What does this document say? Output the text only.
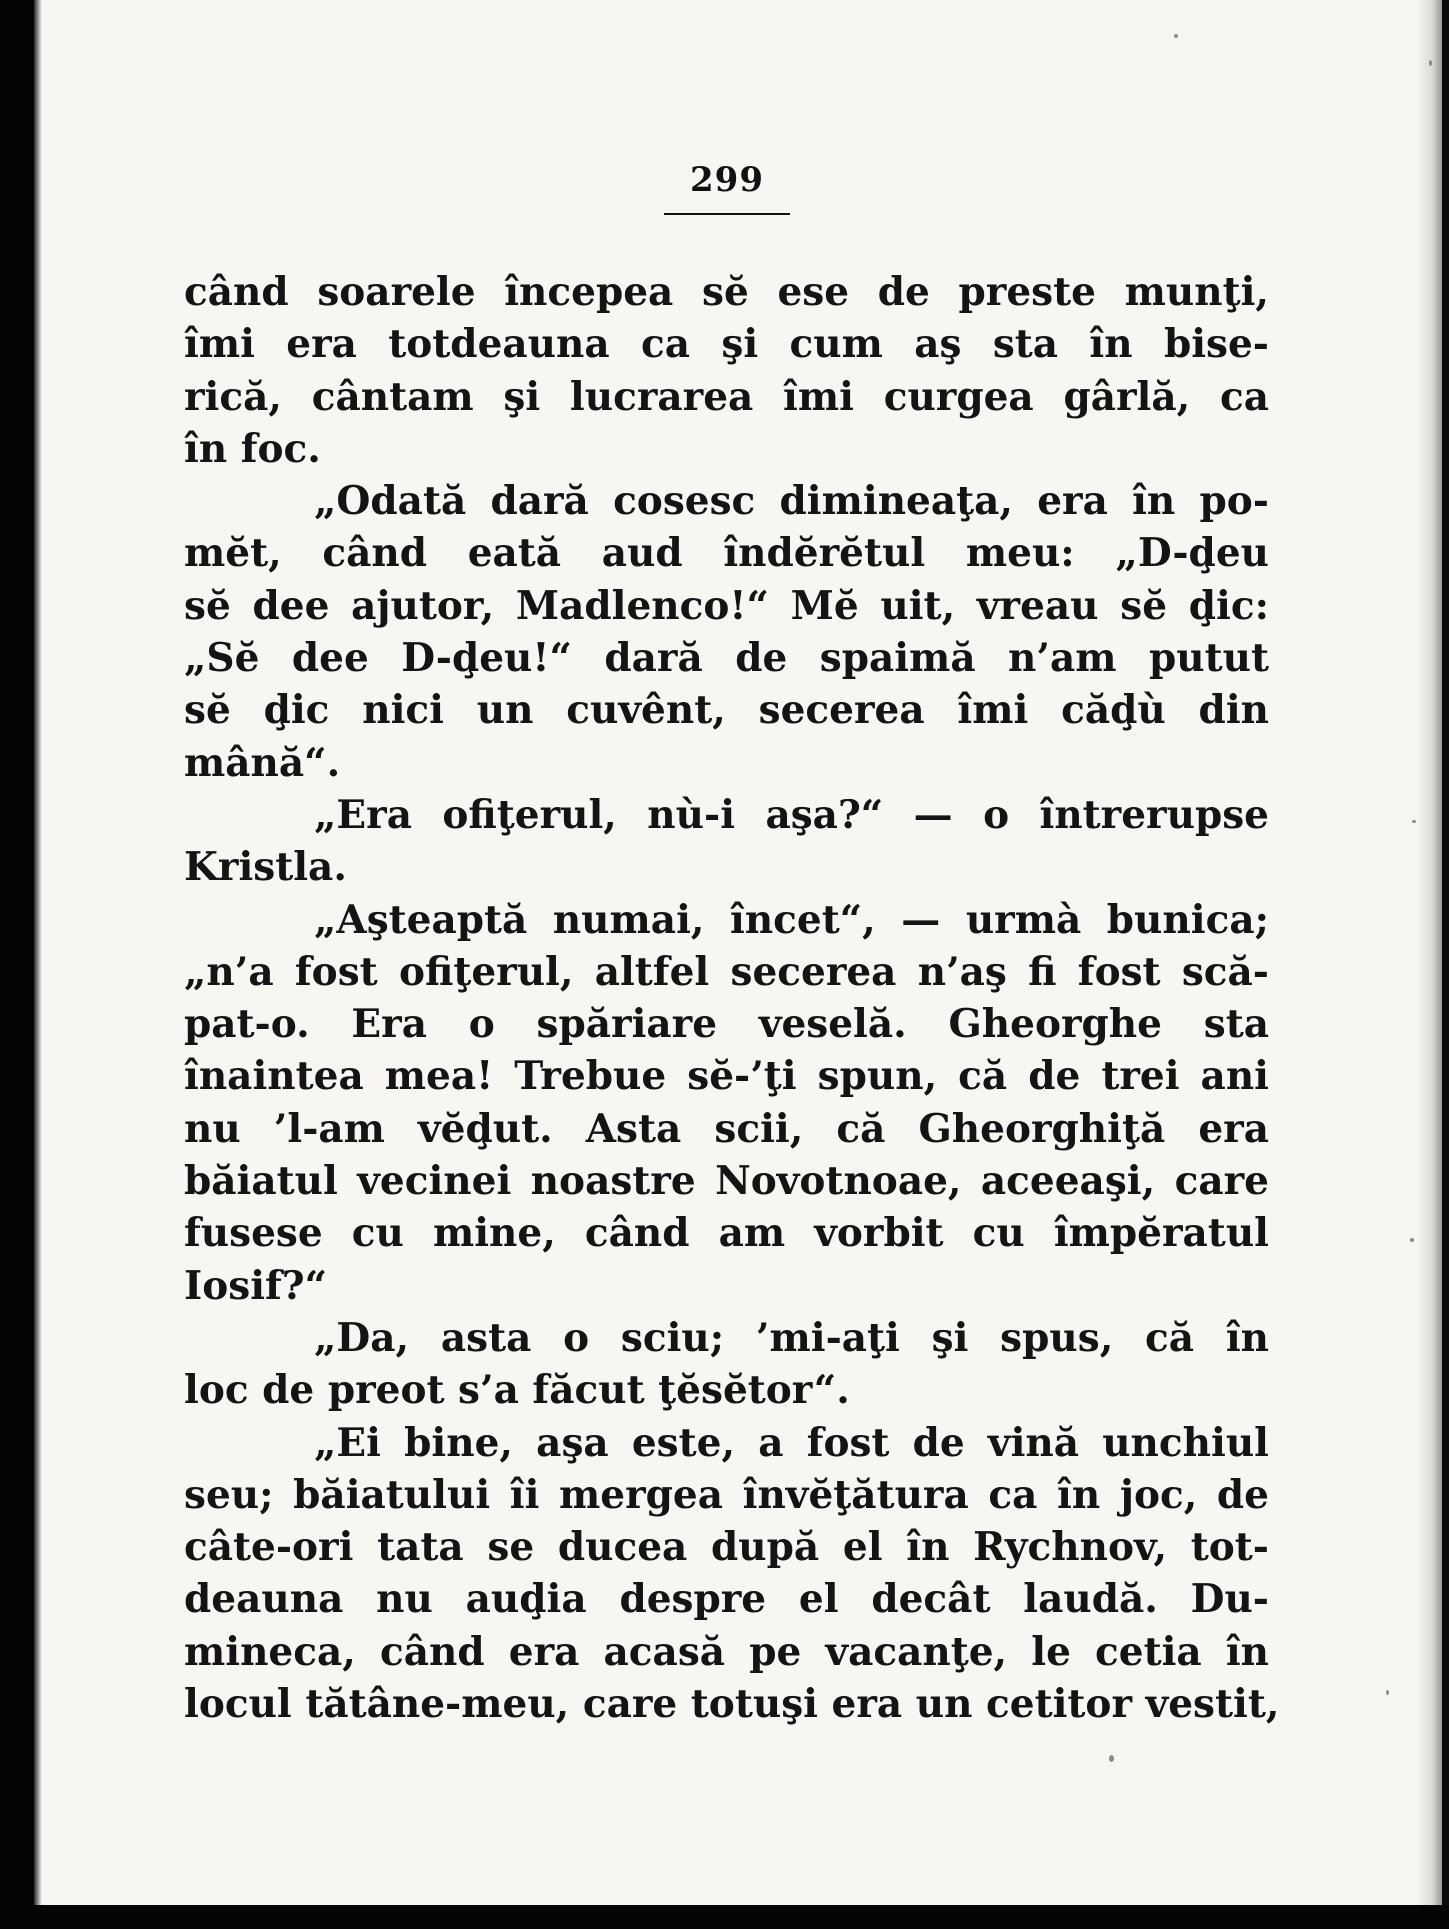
299
când soarele începea sĕ ese de preste munţi,
îmi era totdeauna ca şi cum aş sta în bise-
rică, cântam şi lucrarea îmi curgea gârlă, ca
în foc.
„Odată dară cosesc dimineaţa, era în po-
mĕt, când eată aud îndĕrĕtul meu: „D-ḑeu
sĕ dee ajutor, Madlenco!“ Mĕ uit, vreau sĕ ḑic:
„Sĕ dee D-ḑeu!“ dară de spaimă n’am putut
sĕ ḑic nici un cuvênt, secerea îmi căḑù din
mână“.
„Era ofiţerul, nù-i aşa?“ — o întrerupse
Kristla.
„Aşteaptă numai, încet“, — urmà bunica;
„n’a fost ofiţerul, altfel secerea n’aş fi fost scă-
pat-o. Era o spăriare veselă. Gheorghe sta
înaintea mea! Trebue sĕ-’ţi spun, că de trei ani
nu ’l-am vĕḑut. Asta scii, că Gheorghiţă era
băiatul vecinei noastre Novotnoae, aceeaşi, care
fusese cu mine, când am vorbit cu împĕratul
Iosif?“
„Da, asta o sciu; ’mi-aţi şi spus, că în
loc de preot s’a făcut ţĕsĕtor“.
„Ei bine, aşa este, a fost de vină unchiul
seu; băiatului îi mergea învĕţătura ca în joc, de
câte-ori tata se ducea după el în Rychnov, tot-
deauna nu auḑia despre el decât laudă. Du-
mineca, când era acasă pe vacanţe, le cetia în
locul tătâne-meu, care totuşi era un cetitor vestit,
